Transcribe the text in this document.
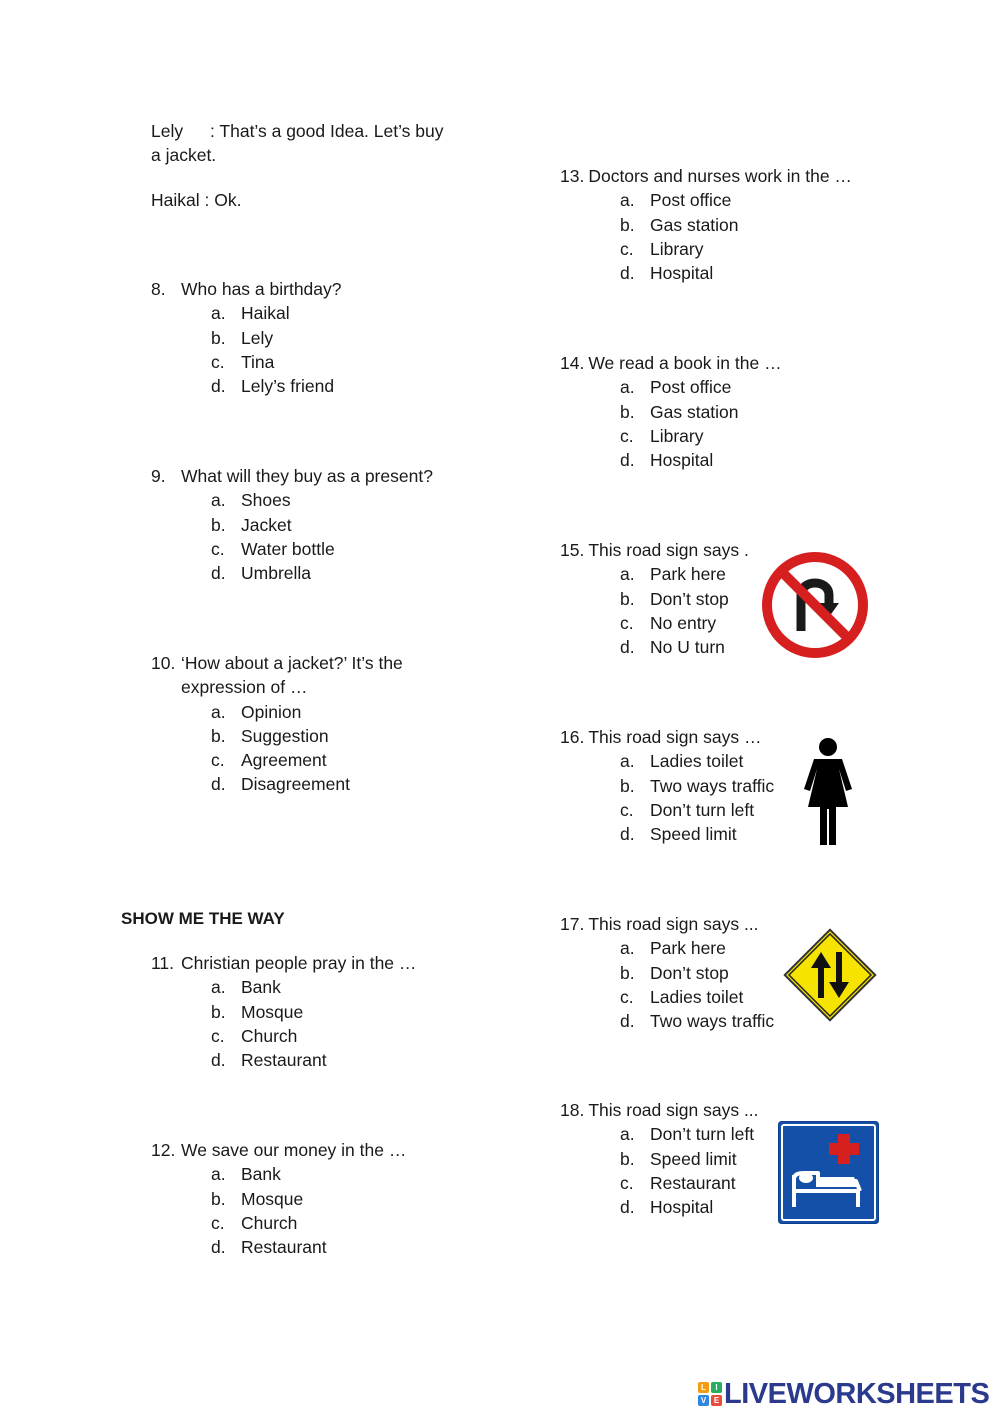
Lely	: That’s a good Idea. Let’s buy
a jacket.
Haikal : Ok.
SHOW ME THE WAY
8. Who has a birthday?
a. Haikal
b. Lely
c. Tina
d. Lely’s friend
9. What will they buy as a present?
a. Shoes
b. Jacket
c. Water bottle
d. Umbrella
10. ‘How about a jacket?’ It’s the
expression of …
a. Opinion
b. Suggestion
c. Agreement
d. Disagreement
11. Christian people pray in the …
a. Bank
b. Mosque
c. Church
d. Restaurant
12. We save our money in the …
a. Bank
b. Mosque
c. Church
d. Restaurant
13. Doctors and nurses work in the …
a. Post office
b. Gas station
c. Library
d. Hospital
14. We read a book in the …
a. Post office
b. Gas station
c. Library
d. Hospital
15. This road sign says .
a. Park here
b. Don’t stop
c. No entry
d. No U turn
16. This road sign says …
a. Ladies toilet
b. Two ways traffic
c. Don’t turn left
d. Speed limit
17. This road sign says ...
a. Park here
b. Don’t stop
c. Ladies toilet
d. Two ways traffic
18. This road sign says ...
a. Don’t turn left
b. Speed limit
c. Restaurant
d. Hospital
L	I
V E LIVEWORKSHEETS
